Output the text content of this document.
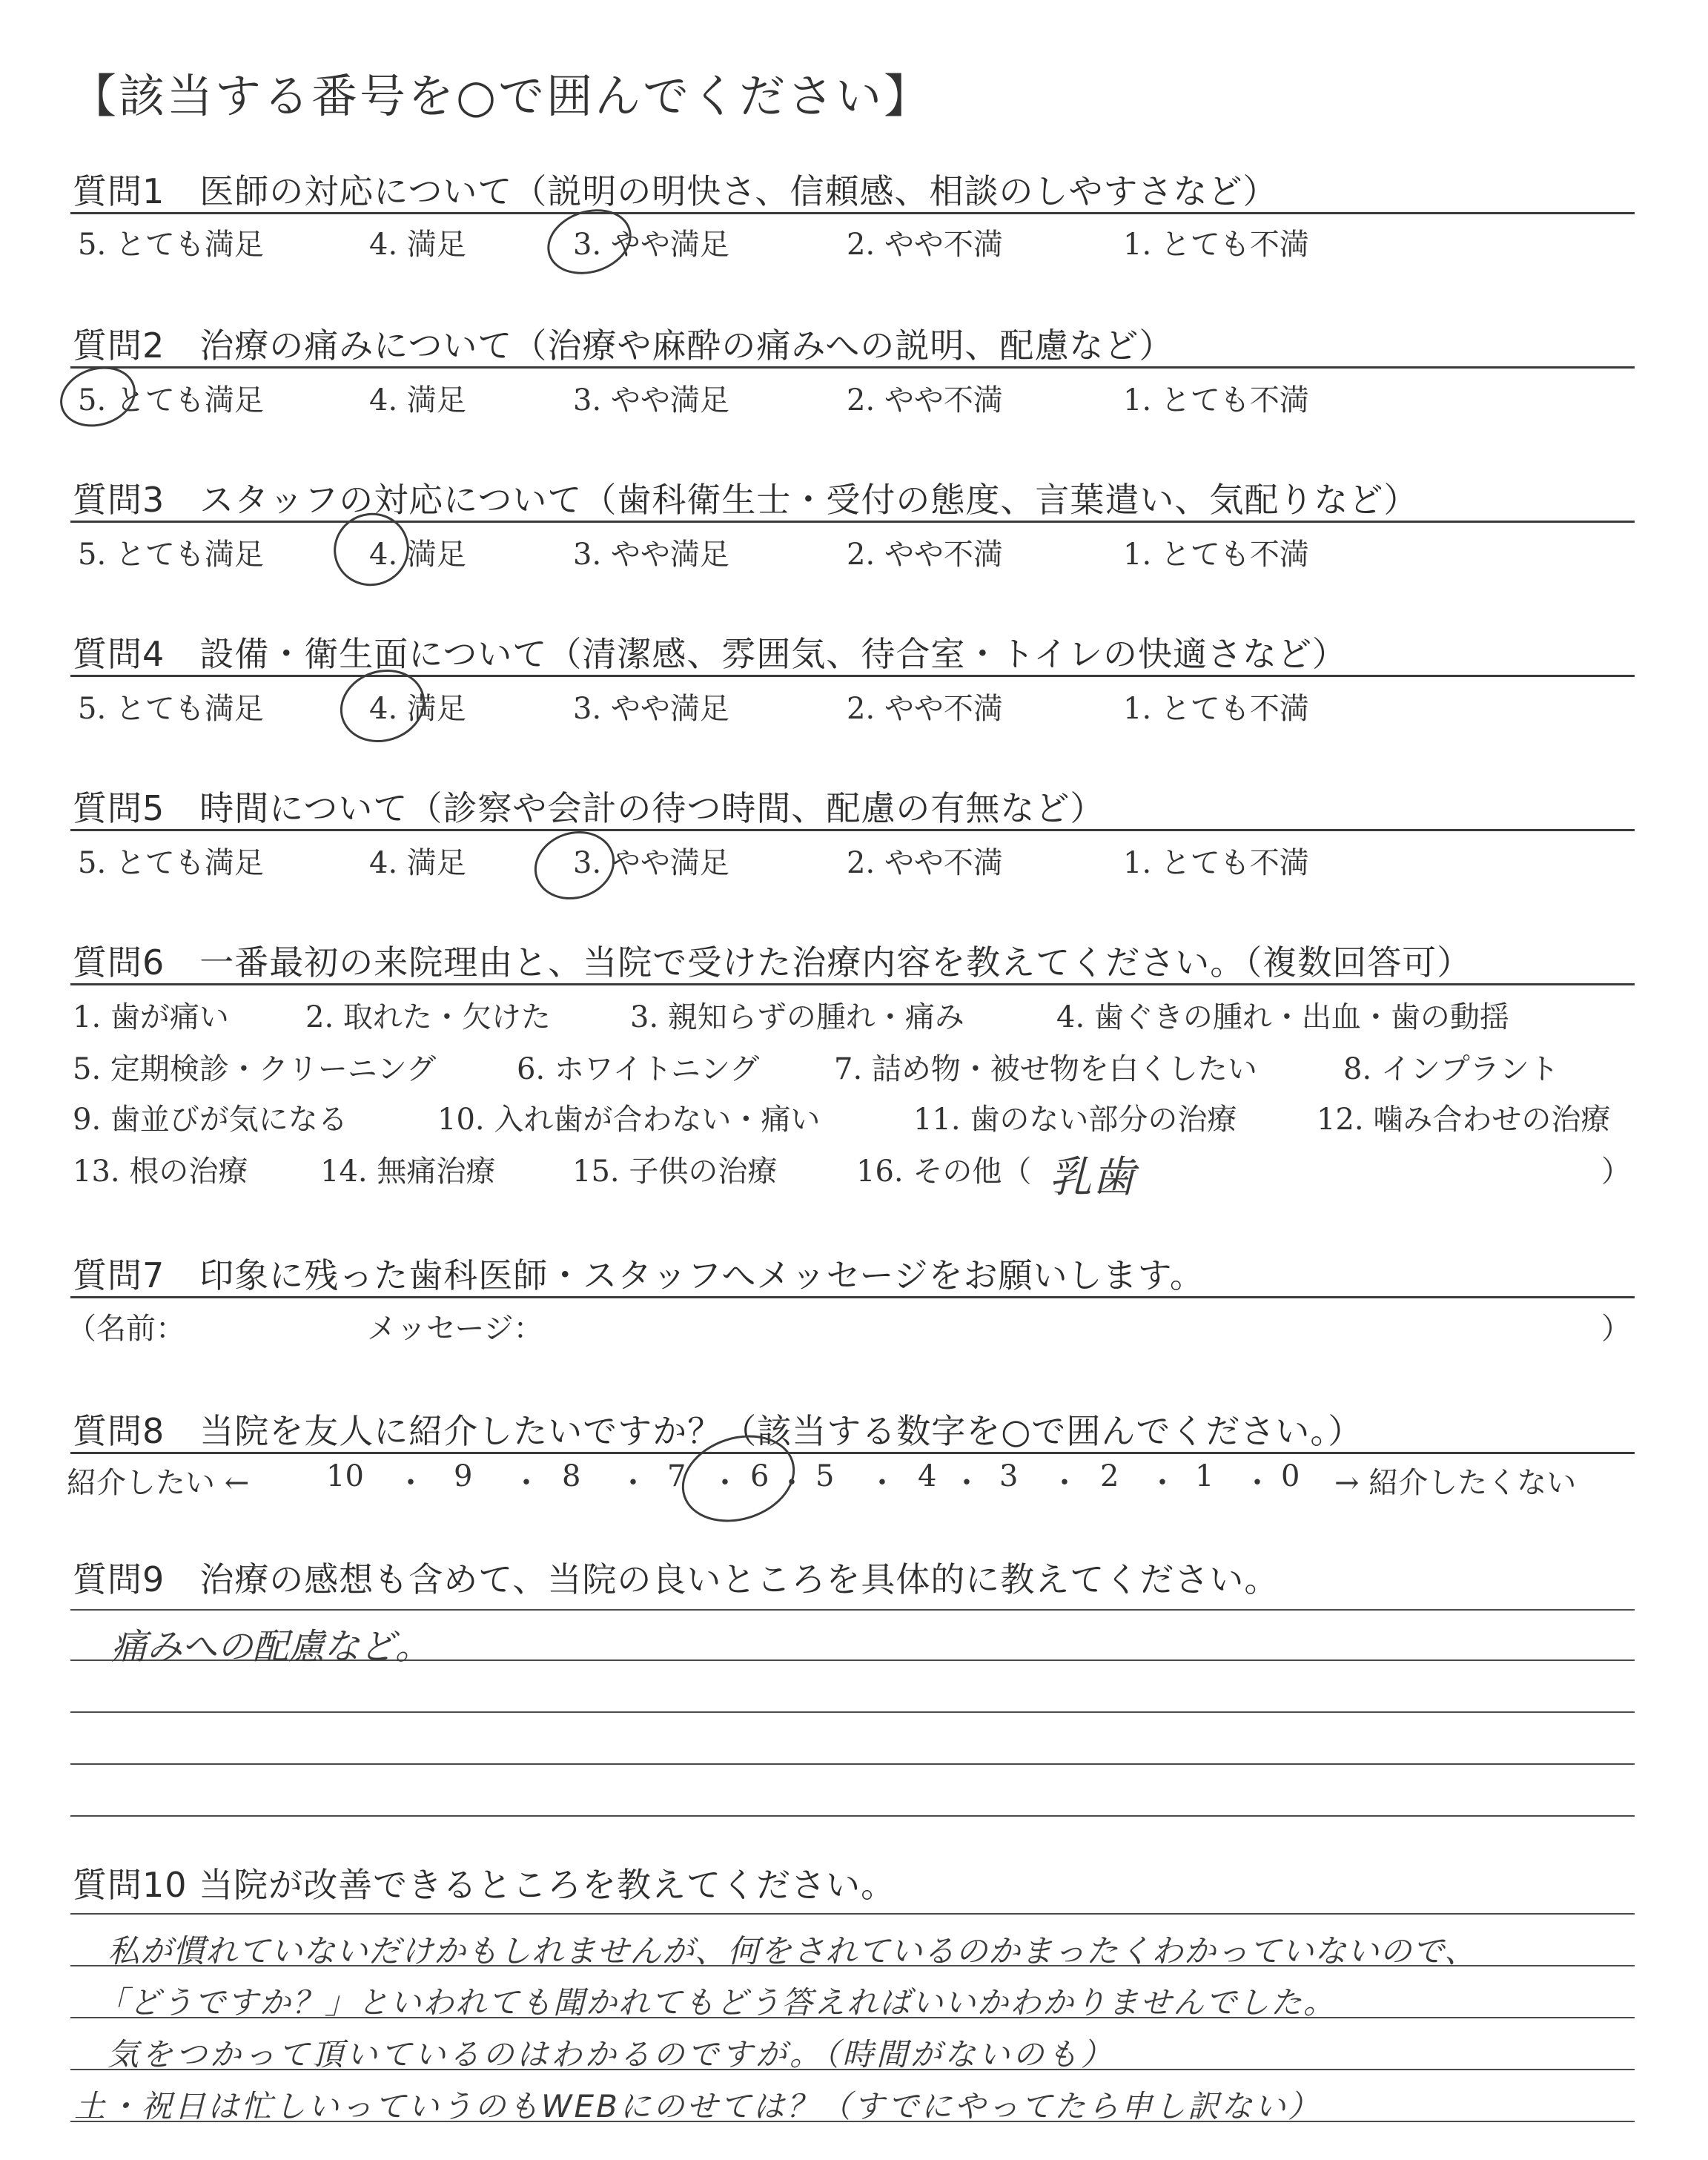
【該当する番号を○で囲んでください】
質問1　医師の対応について（説明の明快さ、信頼感、相談のしやすさなど）
5. とても満足	4. 満足	3. やや満足	2. やや不満	1. とても不満
質問2　治療の痛みについて（治療や麻酔の痛みへの説明、配慮など）
5. とても満足	4. 満足	3. やや満足	2. やや不満	1. とても不満
質問3　スタッフの対応について（歯科衛生士・受付の態度、言葉遣い、気配りなど）
5. とても満足	4. 満足	3. やや満足	2. やや不満	1. とても不満
質問4　設備・衛生面について（清潔感、雰囲気、待合室・トイレの快適さなど）
5. とても満足	4. 満足	3. やや満足	2. やや不満	1. とても不満
質問5　時間について（診察や会計の待つ時間、配慮の有無など）
5. とても満足	4. 満足	3. やや満足	2. やや不満	1. とても不満
質問6　一番最初の来院理由と、当院で受けた治療内容を教えてください。（複数回答可）
1. 歯が痛い	2. 取れた・欠けた	3. 親知らずの腫れ・痛み	4. 歯ぐきの腫れ・出血・歯の動揺
5. 定期検診・クリーニング	6. ホワイトニング	7. 詰め物・被せ物を白くしたい	8. インプラント
9. 歯並びが気になる	10. 入れ歯が合わない・痛い	11. 歯のない部分の治療	12. 噛み合わせの治療
13. 根の治療 14. 無痛治療	15. 子供の治療	16. その他（ 乳歯	）
質問7　印象に残った歯科医師・スタッフへメッセージをお願いします。
（名前：	メッセージ：	）
質問8　当院を友人に紹介したいですか？（該当する数字を○で囲んでください。）
紹介したい ←	10 ・ 9 ・ 8 ・ 7 ・ 6 ・ 5 ・ 4 ・ 3 ・ 2 ・ 1 ・ 0 → 紹介したくない
質問9　治療の感想も含めて、当院の良いところを具体的に教えてください。
痛みへの配慮など。
質問10 当院が改善できるところを教えてください。
私が慣れていないだけかもしれませんが、何をされているのかまったくわかっていないので、
「どうですか？」といわれても聞かれてもどう答えればいいかわかりませんでした。
気をつかって頂いているのはわかるのですが。（時間がないのも）
土・祝日は忙しいっていうのもWEBにのせては？（すでにやってたら申し訳ない）
